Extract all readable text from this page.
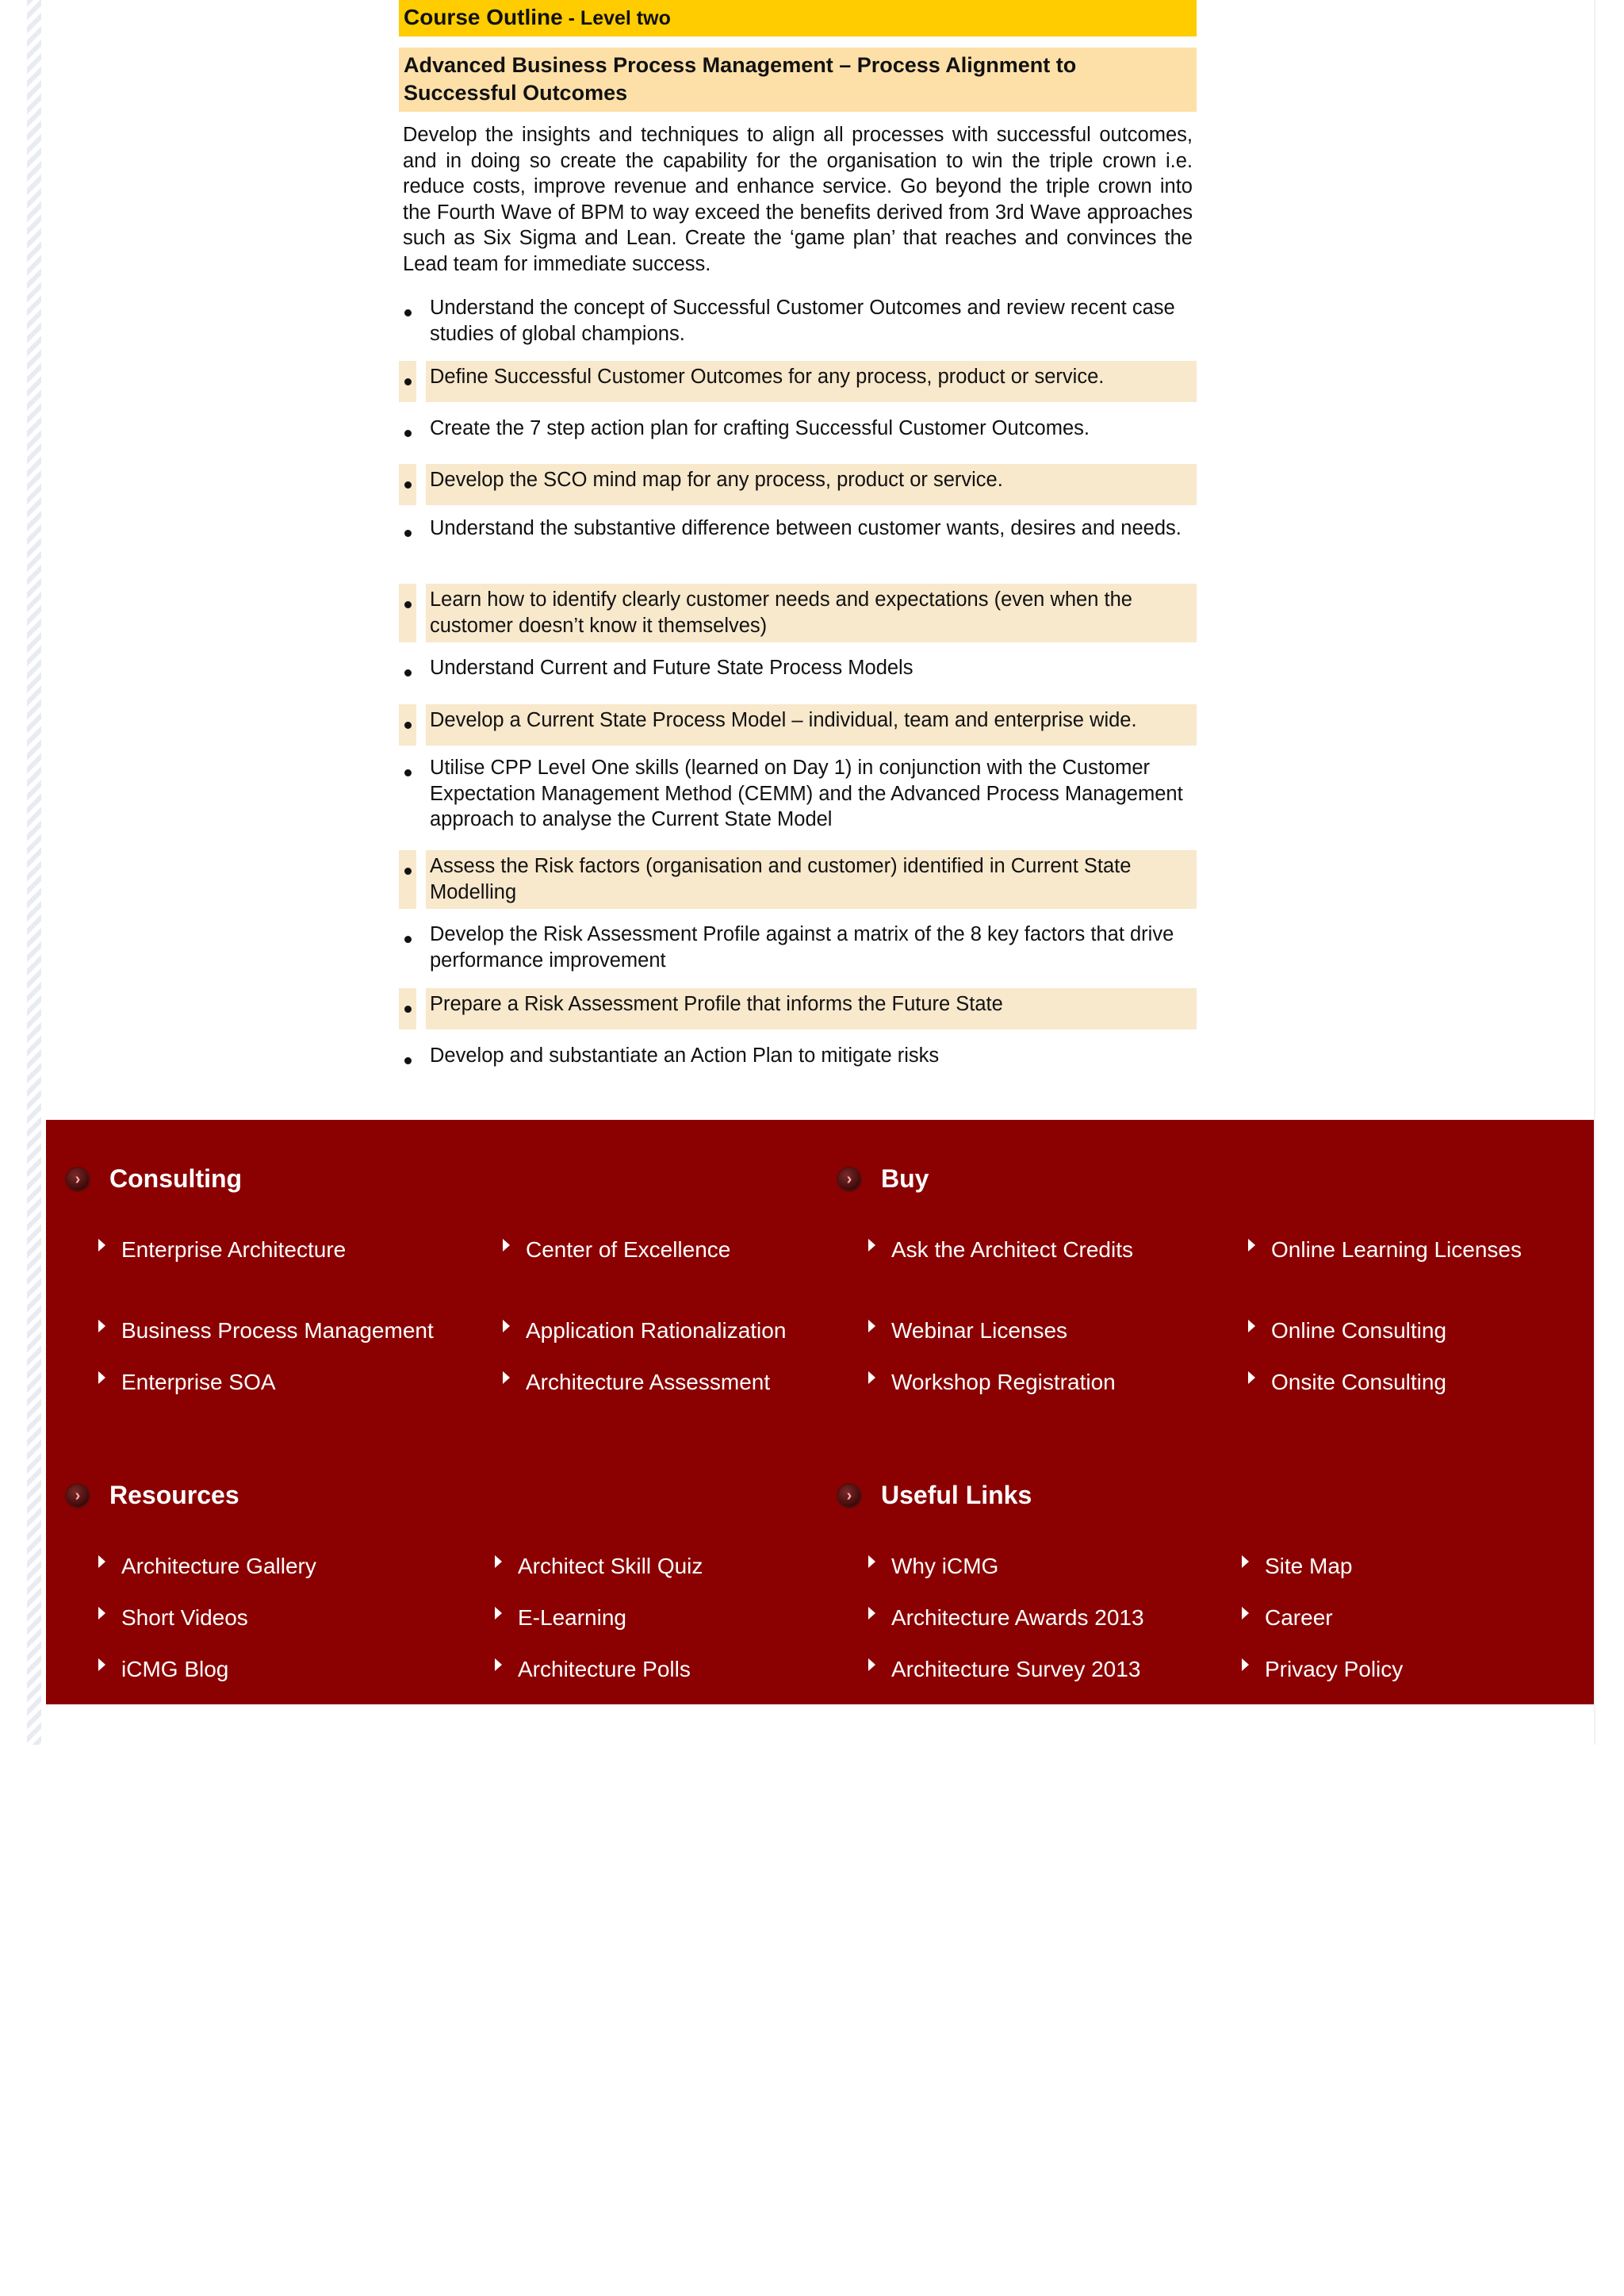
Course Outline - Level two
Advanced Business Process Management – Process Alignment to Successful Outcomes
Develop the insights and techniques to align all processes with successful outcomes, and in doing so create the capability for the organisation to win the triple crown i.e. reduce costs, improve revenue and enhance service. Go beyond the triple crown into the Fourth Wave of BPM to way exceed the benefits derived from 3rd Wave approaches such as Six Sigma and Lean. Create the ‘game plan’ that reaches and convinces the Lead team for immediate success.
Understand the concept of Successful Customer Outcomes and review recent case studies of global champions.
Define Successful Customer Outcomes for any process, product or service.
Create the 7 step action plan for crafting Successful Customer Outcomes.
Develop the SCO mind map for any process, product or service.
Understand the substantive difference between customer wants, desires and needs.
Learn how to identify clearly customer needs and expectations (even when the customer doesn’t know it themselves)
Understand Current and Future State Process Models
Develop a Current State Process Model – individual, team and enterprise wide.
Utilise CPP Level One skills (learned on Day 1) in conjunction with the Customer Expectation Management Method (CEMM) and the Advanced Process Management approach to analyse the Current State Model
Assess the Risk factors (organisation and customer) identified in Current State Modelling
Develop the Risk Assessment Profile against a matrix of the 8 key factors that drive performance improvement
Prepare a Risk Assessment Profile that informs the Future State
Develop and substantiate an Action Plan to mitigate risks
›	Consulting
Enterprise Architecture	Center of Excellence
Business Process Management	Application Rationalization
Enterprise SOA	Architecture Assessment
›	Buy
Ask the Architect Credits	Online Learning Licenses
Webinar Licenses	Online Consulting
Workshop Registration	Onsite Consulting
›	Resources
Architecture Gallery	Architect Skill Quiz
Short Videos	E-Learning
iCMG Blog	Architecture Polls
›	Useful Links
Why iCMG	Site Map
Architecture Awards 2013	Career
Architecture Survey 2013	Privacy Policy
